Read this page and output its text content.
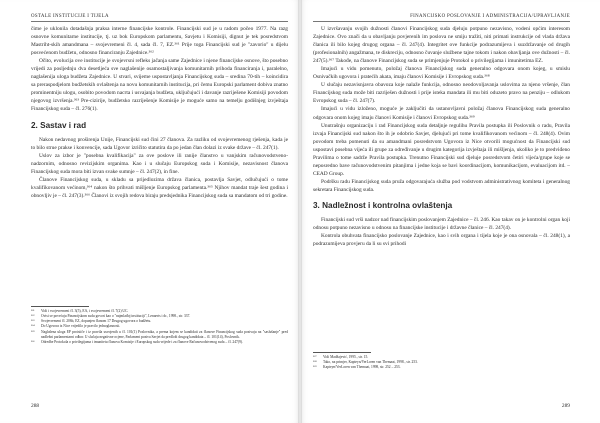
OSTALE INSTITUCIJE I TIJELA

čime je uklonila dotadašnja praksa interne financijske kontrole. Financijski sud je u radom počeo 1977. Na razg osnovne komunitarne institucije, tj. uz bok Europskom parlamentu, Savjetu i Komisiji, dignut je tek posredstvom Mastriht-skih amandmana – svojevremeni čl. 4, sada čl. 7, EZ.³⁶¹ Prije toga Financijski sud je "zavorio" u dijelu posvećenom budžetu, odnosno financiranju Zajednice.³⁶²

Očito, evolucija ove institucije je svojevrsni refleks jačanja same Zajednice i njene financijske osnove, što posebno vrijedi za posljednju dva desetljeća sve naglašenije osamostaljivanja komunitarnih prihoda financiranja i, paralelno, naglašenija uloga budžeta Zajednice. U stvari, svijeme uspostavljanja Financijskog suda – sredina 70-tih – koincidira sa preraspodjelom budžetskih ovlaštenja na novu komunitarnih institucija, pri čemu Europski parlament dobiva znatno prominentniju ulogu, osobito povodom nacrta i usvajanja budžeta, uključujući i davanje razriješene Komisiji povodom njegovog izvršenja.³⁶³ Pre-cizirije, budžetsko razriješenje Komisije je moguće samo na temelju godišnjeg izvještaja Financijskog suda – čl. 276(1).

2. Sastav i rad

Nakon nedavnog proširenja Unije, Financijski sud čini 27 članova. Za razliku od svojevremenog rješenja, kada je to bilo strue prakse i konvencije, sada Ugovor izričito statutira da po jedan član dolazi iz svake države – čl. 247(1).

Uslov za izbor je "posebna kvalifikacija" za ove poslove ili ranije članstvo u vanjskim računovodstveno-nadzornim, odnosno revizijskim organima. Kao i u slučaju Europskog suda i Komisije, nezavisnost članova Financijskog suda mora biti izvan svake sumnje – čl. 247(2), in fine.

Članove Financijskog suda, u skladu sa prijedlozima država članica, postavlja Savjet, odlučujući o tome kvalifikovanom većinom,³⁶⁴ nakon što prihvati mišljenje Europskog parlamenta.³⁶⁵ Njihov mandat traje šest godina i obnovljiv je – čl. 247(3).³⁶⁶ Članovi iz svojih redova biraju predsjednika Financijskog suda sa mandatom od tri godine.

³⁶¹	Vidi i svojevremeni čl. 3(5), EA, i svojevremeni čl. 7(2) UC.
³⁶²	Ovisi se povećaju Financijskom sudu govori kao o "najmlađoj instituciji", Lenaerts i dr., 1998., str. 337.
³⁶³	Svojevremeni čl. 206b, EZ, dopunjen članom 17 Drugog ugovora o budžetu.
³⁶⁴	Do Ugovora iz Nice vrijedilo je pravilo jednoglasnosti.
³⁶⁵	Naglašena uloga EP proističe i iz pravila usvojenih u čl. 101(1) Poslovnika, a prema kojem se kandidati za članove Financijskog suda pozivaju na "saslušanje" pred nadležni parlamentarni odbor. U slučaju negativne ocjene, Parlament poziva Savjet da predloži drugog kandidata – čl. 101(14), Poslovnik.
³⁶⁶	Odredbe Protokola o privilegijama i imunitetu članova Komisije i Europskog suda vrijede i za članove Računovodstvenog suda – čl. 247(9).
288
FINANCIJSKO POSLOVANJE I ADMINISTRACIJA/UPRAVLJANJE

U izvršavanju svojih dužnosti članovi Financijskog suda djeluju potpuno nezavisno, vodeni općim interesom Zajednice. Ovo znači da u obavljanju povjerenih im poslova ne smiju tražiti, niti primati instrukcije od vlada država članica ili bilo kojeg drugog organa – čl. 247(4). Integritet ove funkcije podrazumijeva i suzdržavanje od drugih (profesionalnih) angažmana, te diskreciju, odnosno čuvanje službene tajne tokom i nakon obavljanja ove dužnosti – čl. 247(5).³⁶⁷ Takođe, na članove Financijskog suda se primjenjuje Protokol o privilegijama i imunitetima EZ.

Imajući u vidu pomenuto, položaj članova Financijskog suda generalno odgovara onom kojeg, u smislu Osnivačkih ugovora i pratećih akata, imaju članovi Komisije i Evropskog suda.³⁶⁸

U slučaju nezavisnjavra obavoza koje nalaže funkcija, odnosno neodovoljavanja uslovima za njeno vršenje, član Financijskog suda može biti razriješen dužnosti i prije isteka mandata ili mu biti oduzeto pravo na penziju – odlukom Evropskog suda – čl. 247(7).

Imajući u vidu izloženo, moguće je zaključiti da ustanovljavni položaj članova Financijskog suda generalno odgovara onom kojeg imaju članovi Komisije i članovi Evropskog suda.³⁶⁹

Unutrašnju organizaciju i rad Financijskog suda detaljnje regulihu Pravila postupka ili Poslovnik o radu, Pravila izvaja Financijski sud nakon što ih je odobrio Savjet, djelujući pri tome kvalifikovanom većinom – čl. 248(4). Ovim povodom treba pomenuti da su amandmani posredstvom Ugovora iz Nice otvorili mogućnost da Financijski sud uspostavi posebna vijeća ili grupe za određivanje u drugim kategorija izvještaja ili mišljenja, ukoliko je to predviđeno Pravilima o tome sadrže Pravila postupka. Trenutno Financijski sud djeluje posredstvom četiri vijeća/grupe koje se neposredno bave računovodstvenim pitanjima i jedne koja se bavi koordinacijom, komunikacijom, evaluacijom itd. – CEAD Group.

Podršku radu Financijskog suda pruža odgovarajuća služba pod vodstvom administrativnog komiteta i generalnog sekretara Financijskog suda.

3. Nadležnost i kontrolna ovlaštenja

Financijski sud vrši nadzor nad financijskim poslovanjem Zajednice – čl. 246. Kao takav on je kontrolni organ koji odnosu potpuno nezavisno u odnosu na financijske institucije i državne članice – čl. 247(4).

Kontrola obuhvata financijsko poslovanje Zajednice, kao i svih organa i tijela koje je ona osnovala – čl. 248(1), a podrazumijeva provjeru da li su svi prihodi

³⁶⁷	Vidi Madžajević, 1995., str. 15.
³⁶⁸	Tako, na primjer, Kapteyn/VerLoren van Themaat, 1998., str. 253.
³⁶⁹	Kapteyn/VerLoren van Themaat, 1998, str. 252 – 253.
289
